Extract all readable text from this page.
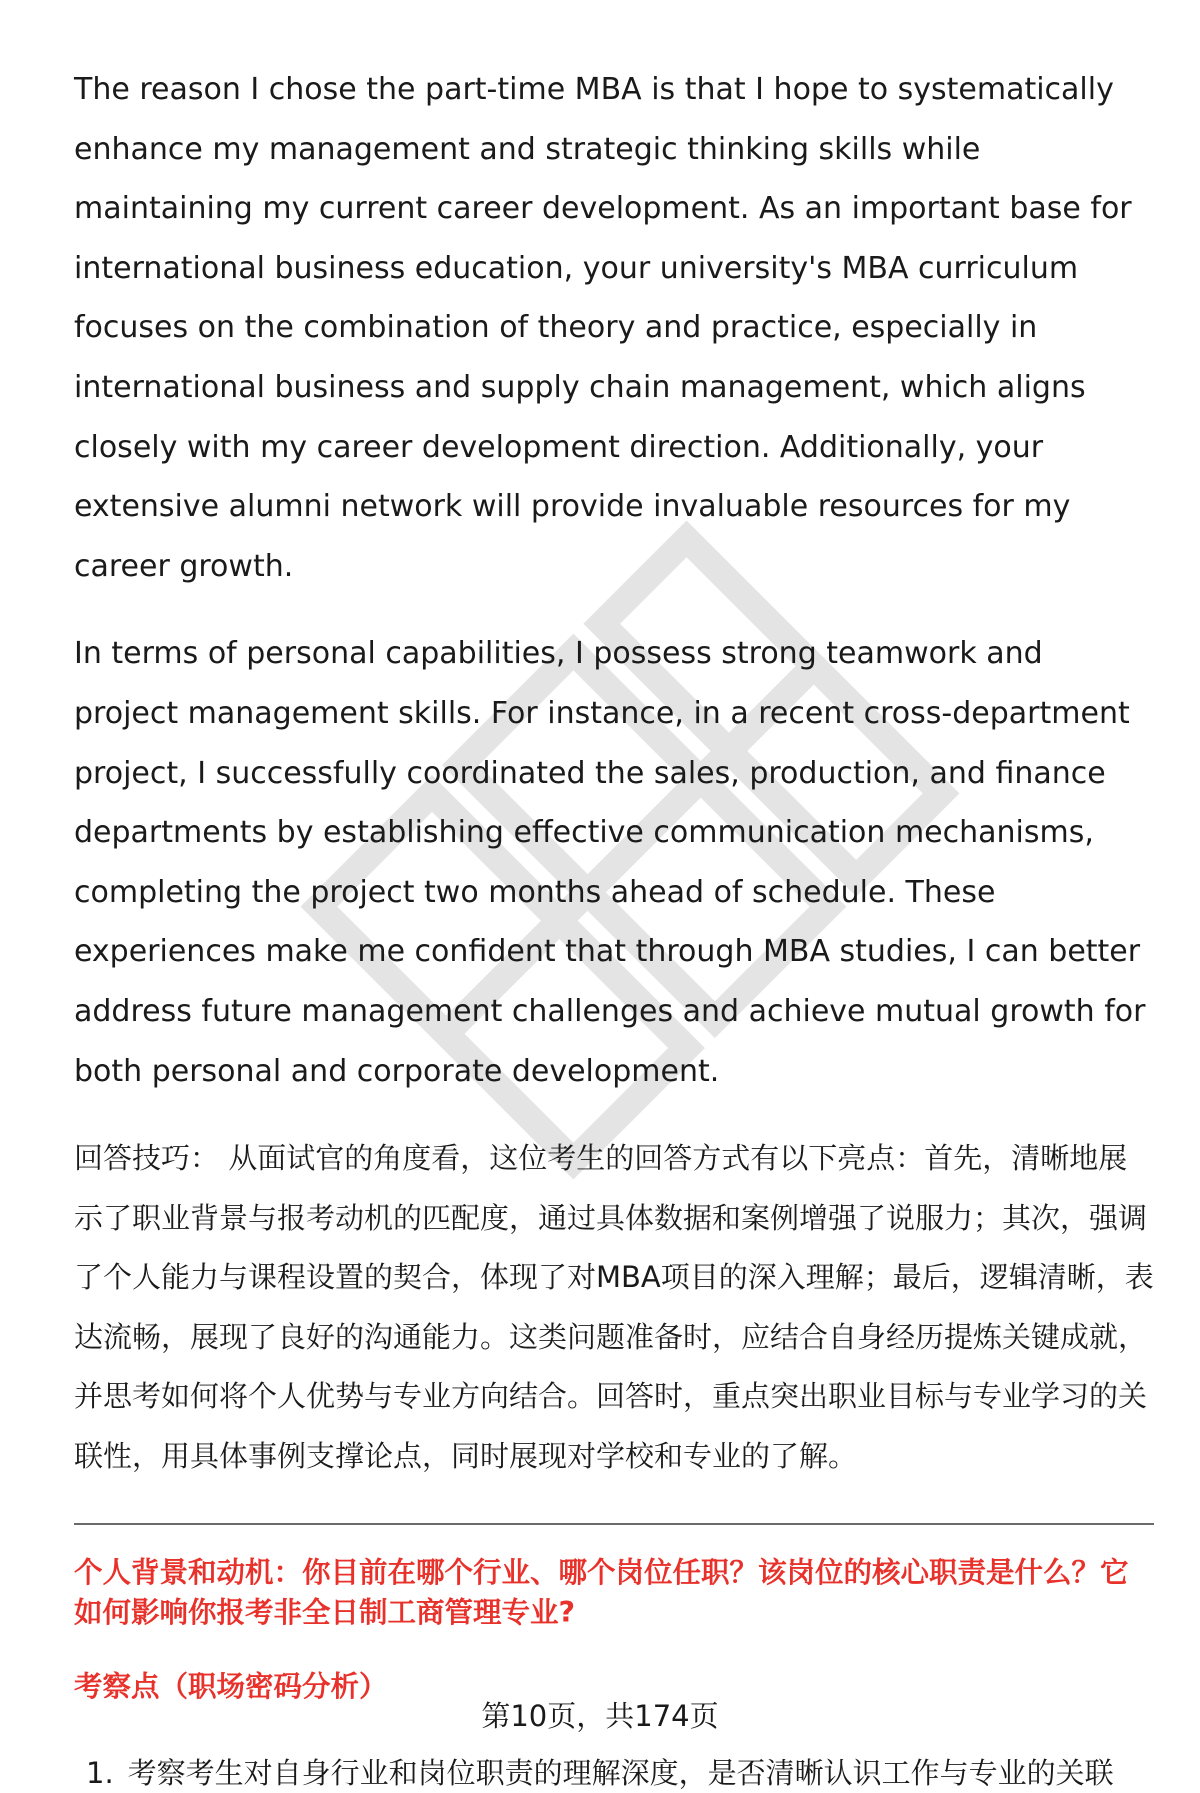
The reason I chose the part-time MBA is that I hope to systematically enhance my management and strategic thinking skills while maintaining my current career development. As an important base for international business education, your university's MBA curriculum focuses on the combination of theory and practice, especially in international business and supply chain management, which aligns closely with my career development direction. Additionally, your extensive alumni network will provide invaluable resources for my career growth.

In terms of personal capabilities, I possess strong teamwork and project management skills. For instance, in a recent cross-department project, I successfully coordinated the sales, production, and finance departments by establishing effective communication mechanisms, completing the project two months ahead of schedule. These experiences make me confident that through MBA studies, I can better address future management challenges and achieve mutual growth for both personal and corporate development.

回答技巧： 从面试官的角度看，这位考生的回答方式有以下亮点：首先，清晰地展示了职业背景与报考动机的匹配度，通过具体数据和案例增强了说服力；其次，强调了个人能力与课程设置的契合，体现了对MBA项目的深入理解；最后，逻辑清晰，表达流畅，展现了良好的沟通能力。这类问题准备时，应结合自身经历提炼关键成就，并思考如何将个人优势与专业方向结合。回答时，重点突出职业目标与专业学习的关联性，用具体事例支撑论点，同时展现对学校和专业的了解。

个人背景和动机：你目前在哪个行业、哪个岗位任职？该岗位的核心职责是什么？它如何影响你报考非全日制工商管理专业?
考察点（职场密码分析）
1. 考察考生对自身行业和岗位职责的理解深度，是否清晰认识工作与专业的关联
第10页，共174页
